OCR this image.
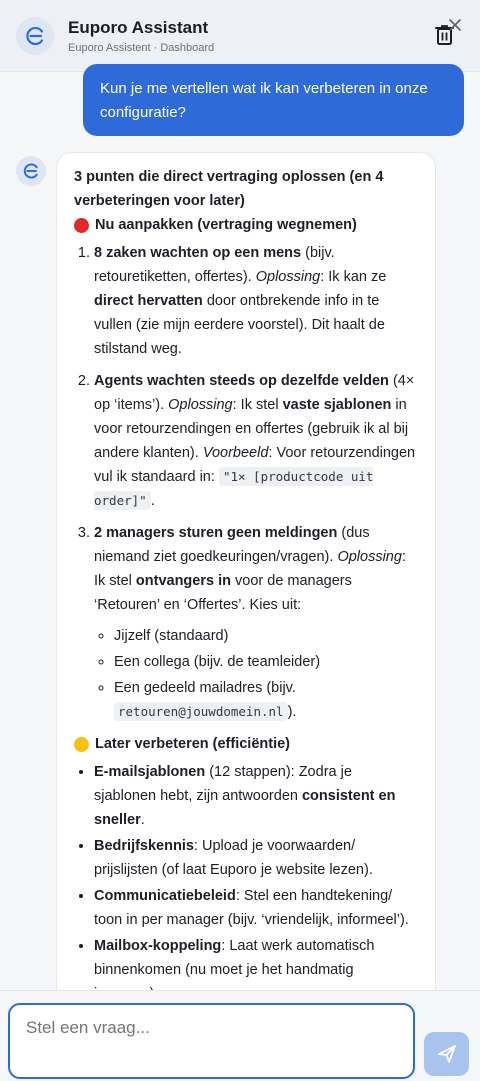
Euporo Assistant
Euporo Assistent · Dashboard
Kun je me vertellen wat ik kan verbeteren in onze configuratie?

3 punten die direct vertraging oplossen (en 4 verbeteringen voor later)

Nu aanpakken (vertraging wegnemen)

1. 8 zaken wachten op een mens (bijv. retouretiketten, offertes). Oplossing: Ik kan ze direct hervatten door ontbrekende info in te vullen (zie mijn eerdere voorstel). Dit haalt de stilstand weg.
2. Agents wachten steeds op dezelfde velden (4× op ‘items’). Oplossing: Ik stel vaste sjablonen in voor retourzendingen en offertes (gebruik ik al bij andere klanten). Voorbeeld: Voor retourzendingen vul ik standaard in: "1× [productcode uit order]" .
3. 2 managers sturen geen meldingen (dus niemand ziet goedkeuringen/vragen). Oplossing: Ik stel ontvangers in voor de managers ‘Retouren’ en ‘Offertes’. Kies uit:
◦ Jijzelf (standaard)
◦ Een collega (bijv. de teamleider)
◦ Een gedeeld mailadres (bijv. retouren@jouwdomein.nl ).

Later verbeteren (efficiëntie)

• E-mailsjablonen (12 stappen): Zodra je sjablonen hebt, zijn antwoorden consistent en sneller.
• Bedrijfskennis: Upload je voorwaarden/ prijslijsten (of laat Euporo je website lezen).
• Communicatiebeleid: Stel een handtekening/ toon in per manager (bijv. ‘vriendelijk, informeel’).
• Mailbox-koppeling: Laat werk automatisch binnenkomen (nu moet je het handmatig

Stel een vraag...
